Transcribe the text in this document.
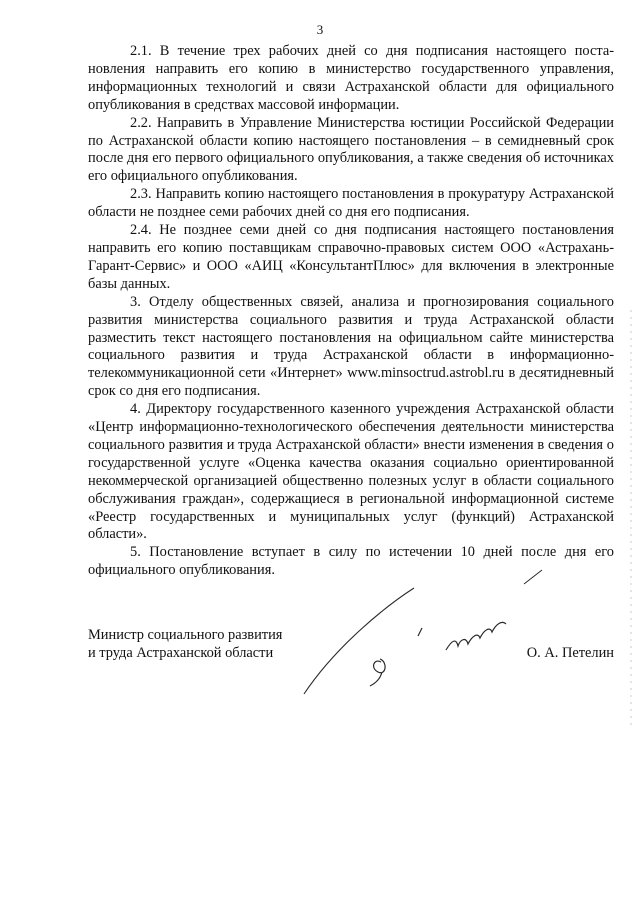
3

2.1. В течение трех рабочих дней со дня подписания настоящего постановления направить его копию в министерство государственного управления, информационных технологий и связи Астраханской области для официального опубликования в средствах массовой информации.

2.2. Направить в Управление Министерства юстиции Российской Федерации по Астраханской области копию настоящего постановления – в семидневный срок после дня его первого официального опубликования, а также сведения об источниках его официального опубликования.

2.3. Направить копию настоящего постановления в прокуратуру Астраханской области не позднее семи рабочих дней со дня его подписания.

2.4. Не позднее семи дней со дня подписания настоящего постановления направить его копию поставщикам справочно-правовых систем ООО «Астрахань-Гарант-Сервис» и ООО «АИЦ «КонсультантПлюс» для включения в электронные базы данных.

3. Отделу общественных связей, анализа и прогнозирования социального развития министерства социального развития и труда Астраханской области разместить текст настоящего постановления на официальном сайте министерства социального развития и труда Астраханской области в информационно-телекоммуникационной сети «Интернет» www.minsoctrud.astrobl.ru в десятидневный срок со дня его подписания.

4. Директору государственного казенного учреждения Астраханской области «Центр информационно-технологического обеспечения деятельности министерства социального развития и труда Астраханской области» внести изменения в сведения о государственной услуге «Оценка качества оказания социально ориентированной некоммерческой организацией общественно полезных услуг в области социального обслуживания граждан», содержащиеся в региональной информационной системе «Реестр государственных и муниципальных услуг (функций) Астраханской области».

5. Постановление вступает в силу по истечении 10 дней после дня его официального опубликования.

Министр социального развития
и труда Астраханской области	О. А. Петелин
